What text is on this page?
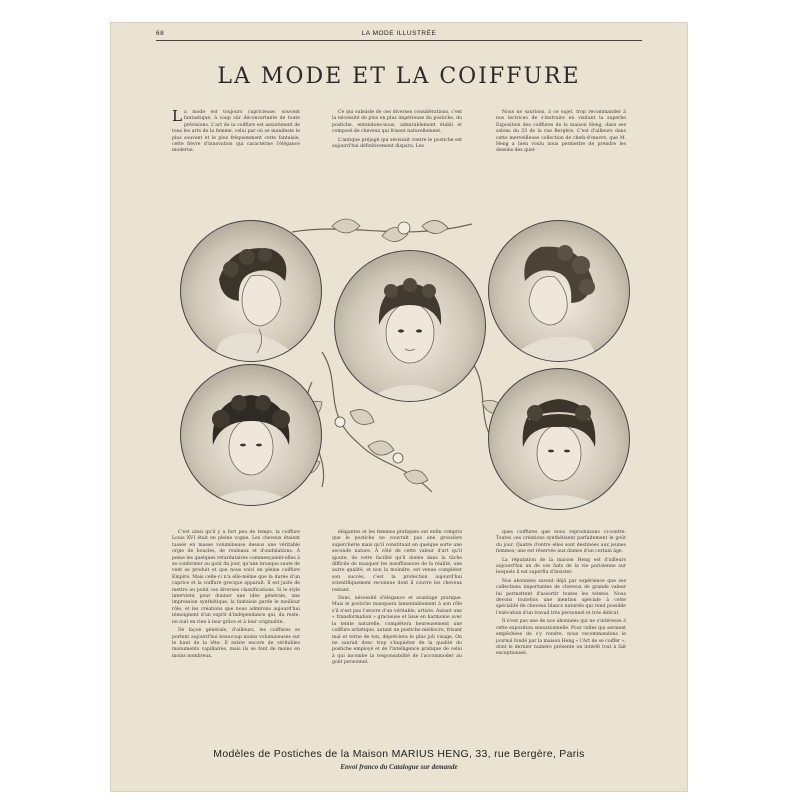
68	LA MODE ILLUSTRÉE
LA MODE ET LA COIFFURE

La mode est toujours capricieuse, souvent fantastique, à coup sûr déconcertante de toute prévisions. L'art de la coiffure est assurément de tous les arts de la femme, celui par où se manifeste le plus souvent et le plus fréquemment cette fantaisie, cette fièvre d'innovation qui caractérise l'élégance moderne.

Ce qui subsiste de ces diverses considérations, c'est la nécessité de plus en plus impérieuse du postiche, du postiche, entendons-nous, admirablement établi et composé de cheveux qui frisent naturellement.

L'antique préjugé qui sévissait contre le postiche est aujourd'hui définitivement disparu. Les

Nous ne saurions, à ce sujet, trop recommander à nos lectrices de s'instruire en visitant la superbe Exposition des coiffures de la maison Heng, dans ses salons du 33 de la rue Bergère. C'est d'ailleurs dans cette merveilleuse collection de chefs-d'œuvre, que M. Heng a bien voulu nous permettre de prendre les dessins des quel-

C'est ainsi qu'il y a fort peu de temps, la coiffure Louis XVI était en pleine vogue. Les cheveux étaient tassés en masse volumineuse dessus une véritable orgie de boucles, de rouleaux et d'ondulations. À peine les quelques retardataires commençaient-elles à se conformer au goût du jour, qu'une brusque saute de vent se produit et que nous voici en pleine coiffure Empire. Mais celle-ci n'a elle-même que la durée d'un caprice et la coiffure grecque apparaît. Il est juste de mettre au point ces diverses classifications. Si le style intervient pour donner une idée générale, une impression synthétique, la fantaisie garde le meilleur rôle, et les créations que nous admirons aujourd'hui témoignent d'un esprit d'indépendance qui, du reste, ne nuit en rien à leur grâce et à leur originalité.

De façon générale, d'ailleurs, les coiffures se portent aujourd'hui beaucoup moins volumineuses sur le haut de la tête. Il existe encore de véritables monuments capillaires, mais ils se font de moins en moins nombreux.

élégantes et les femmes pratiques ont enfin compris que le postiche ne couvrait pas une grossière supercherie mais qu'il constituait en quelque sorte une seconde nature. À côté de cette valeur d'art qu'il ajoute, de cette facilité qu'il donne dans la tâche difficile de masquer les insuffisances de la réalité, une autre qualité, et non la moindre, est venue compléter son succès, c'est la protection aujourd'hui scientifiquement reconnue dont il couvre les cheveux restant.

Donc, nécessité d'élégance et avantage pratique. Mais le postiche manquera lamentablement à son rôle s'il n'est pas l'œuvre d'un véritable, artiste. Autant une « transformation » gracieuse et lisse en harmonie avec la teinte naturelle, complètera heureusement une coiffure artistique, autant un postiche médiocre, frisant mal et terne de ton, dépréciera le plus joli visage. On ne saurait donc trop s'inquiéter de la qualité du postiche employé et de l'intelligence pratique de celui à qui incombe la responsabilité de l'accommoder au goût personnel.

ques coiffures que nous reproduisons ci-contre. Toutes ces créations synthétisent parfaitement le goût du jour. Quatre d'entre elles sont destinées aux jeunes femmes; une est réservée aux dames d'un certain âge.

La réputation de la maison Heng est d'ailleurs aujourd'hui un de ces faits de la vie parisienne sur lesquels il est superflu d'insister.

Nos abonnées savent déjà par expérience que ses collections importantes de cheveux de grande valeur lui permettent d'assortir toutes les teintes. Nous devons toutefois une mention spéciale à cette spécialité de cheveux blancs naturels qui rend possible l'exécution d'un travail très personnel et très délicat.

Il n'est pas une de nos abonnées qui ne s'intéresse à cette exposition sensationnelle. Pour celles qui seraient empêchées de s'y rendre, nous recommandons le journal fondé par la maison Heng « l'Art de se coiffer », dont le dernier numéro présente un intérêt tout à fait exceptionnel.

Modèles de Postiches de la Maison MARIUS HENG, 33, rue Bergère, Paris
Envoi franco du Catalogue sur demande
